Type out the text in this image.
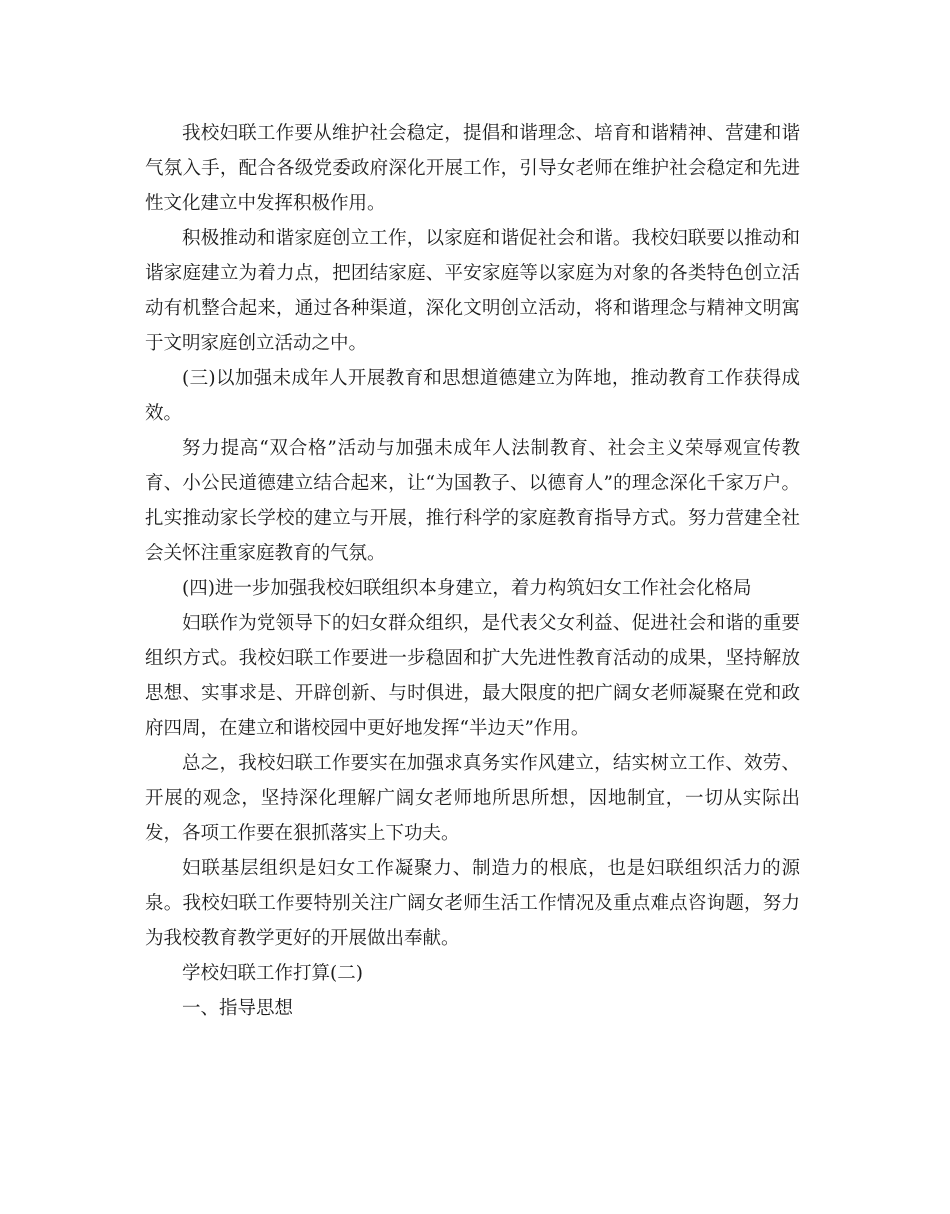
我校妇联工作要从维护社会稳定，提倡和谐理念、培育和谐精神、营建和谐气氛入手，配合各级党委政府深化开展工作，引导女老师在维护社会稳定和先进性文化建立中发挥积极作用。

积极推动和谐家庭创立工作，以家庭和谐促社会和谐。我校妇联要以推动和谐家庭建立为着力点，把团结家庭、平安家庭等以家庭为对象的各类特色创立活动有机整合起来，通过各种渠道，深化文明创立活动，将和谐理念与精神文明寓于文明家庭创立活动之中。

(三)以加强未成年人开展教育和思想道德建立为阵地，推动教育工作获得成效。

努力提高“双合格”活动与加强未成年人法制教育、社会主义荣辱观宣传教育、小公民道德建立结合起来，让“为国教子、以德育人”的理念深化千家万户。扎实推动家长学校的建立与开展，推行科学的家庭教育指导方式。努力营建全社会关怀注重家庭教育的气氛。

(四)进一步加强我校妇联组织本身建立，着力构筑妇女工作社会化格局

妇联作为党领导下的妇女群众组织，是代表父女利益、促进社会和谐的重要组织方式。我校妇联工作要进一步稳固和扩大先进性教育活动的成果，坚持解放思想、实事求是、开辟创新、与时俱进，最大限度的把广阔女老师凝聚在党和政府四周，在建立和谐校园中更好地发挥“半边天”作用。

总之，我校妇联工作要实在加强求真务实作风建立，结实树立工作、效劳、开展的观念，坚持深化理解广阔女老师地所思所想，因地制宜，一切从实际出发，各项工作要在狠抓落实上下功夫。

妇联基层组织是妇女工作凝聚力、制造力的根底，也是妇联组织活力的源泉。我校妇联工作要特别关注广阔女老师生活工作情况及重点难点咨询题，努力为我校教育教学更好的开展做出奉献。

学校妇联工作打算(二)

一、指导思想
